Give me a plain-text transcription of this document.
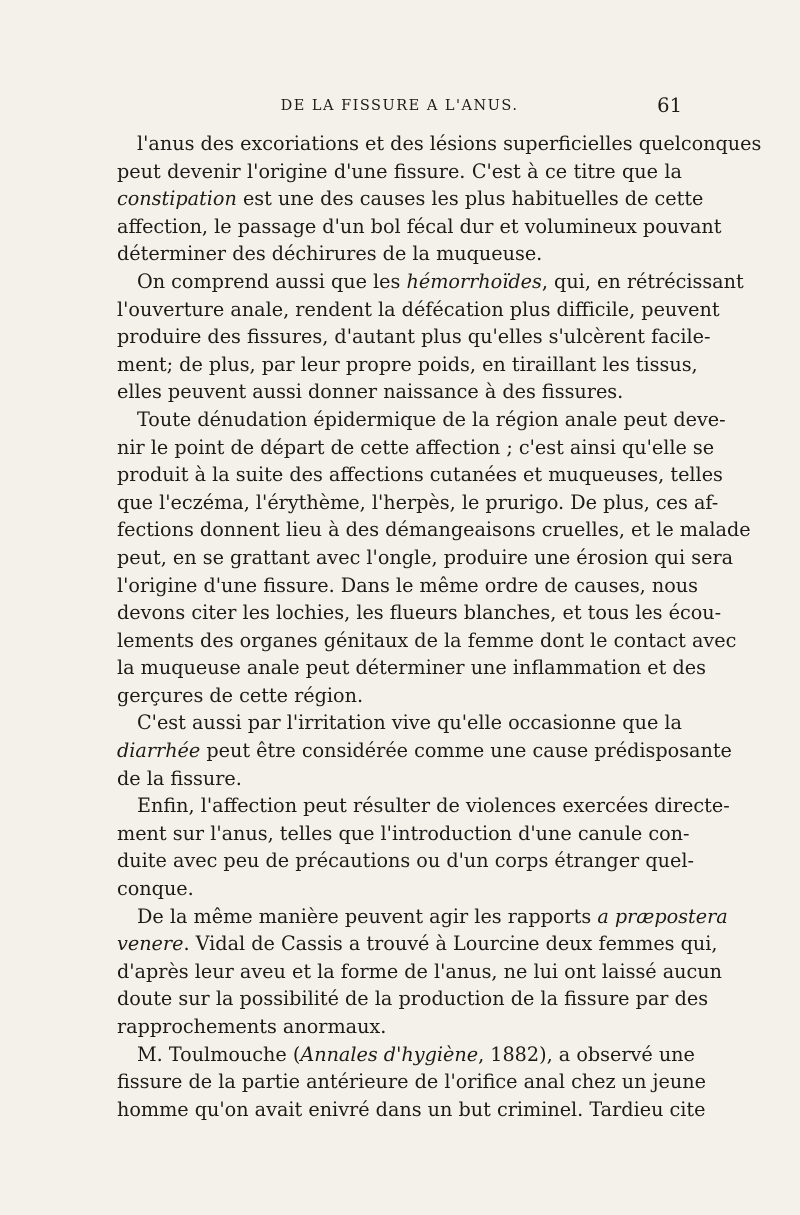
DE LA FISSURE A L'ANUS.	61
l'anus des excoriations et des lésions superficielles quelconques
peut devenir l'origine d'une fissure. C'est à ce titre que la
constipation est une des causes les plus habituelles de cette
affection, le passage d'un bol fécal dur et volumineux pouvant
déterminer des déchirures de la muqueuse.
On comprend aussi que les hémorrhoïdes, qui, en rétrécissant
l'ouverture anale, rendent la défécation plus difficile, peuvent
produire des fissures, d'autant plus qu'elles s'ulcèrent facile-
ment; de plus, par leur propre poids, en tiraillant les tissus,
elles peuvent aussi donner naissance à des fissures.
Toute dénudation épidermique de la région anale peut deve-
nir le point de départ de cette affection ; c'est ainsi qu'elle se
produit à la suite des affections cutanées et muqueuses, telles
que l'eczéma, l'érythème, l'herpès, le prurigo. De plus, ces af-
fections donnent lieu à des démangeaisons cruelles, et le malade
peut, en se grattant avec l'ongle, produire une érosion qui sera
l'origine d'une fissure. Dans le même ordre de causes, nous
devons citer les lochies, les flueurs blanches, et tous les écou-
lements des organes génitaux de la femme dont le contact avec
la muqueuse anale peut déterminer une inflammation et des
gerçures de cette région.
C'est aussi par l'irritation vive qu'elle occasionne que la
diarrhée peut être considérée comme une cause prédisposante
de la fissure.
Enfin, l'affection peut résulter de violences exercées directe-
ment sur l'anus, telles que l'introduction d'une canule con-
duite avec peu de précautions ou d'un corps étranger quel-
conque.
De la même manière peuvent agir les rapports a præpostera
venere. Vidal de Cassis a trouvé à Lourcine deux femmes qui,
d'après leur aveu et la forme de l'anus, ne lui ont laissé aucun
doute sur la possibilité de la production de la fissure par des
rapprochements anormaux.
M. Toulmouche (Annales d'hygiène, 1882), a observé une
fissure de la partie antérieure de l'orifice anal chez un jeune
homme qu'on avait enivré dans un but criminel. Tardieu cite
